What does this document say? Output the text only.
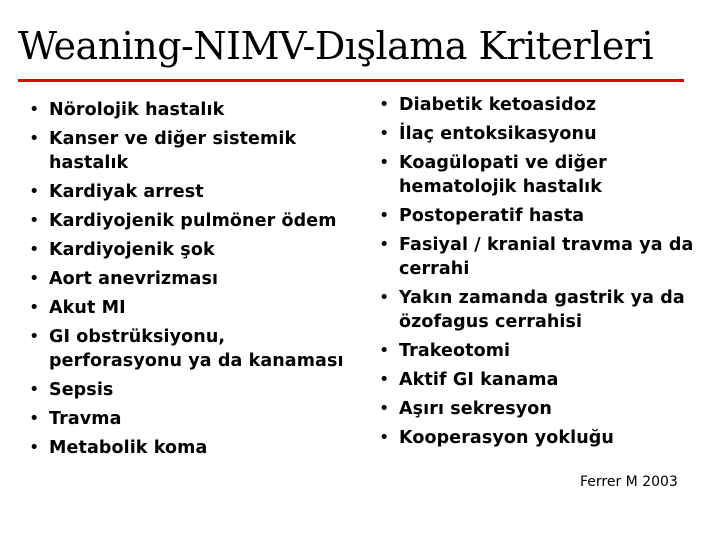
Weaning-NIMV-Dışlama Kriterleri
• Nörolojik hastalık
• Kanser ve diğer sistemik
hastalık
• Kardiyak arrest
• Kardiyojenik pulmöner ödem
• Kardiyojenik şok
• Aort anevrizması
• Akut MI
• GI obstrüksiyonu,
perforasyonu ya da kanaması
• Sepsis
• Travma
• Metabolik koma
• Diabetik ketoasidoz
• İlaç entoksikasyonu
• Koagülopati ve diğer
hematolojik hastalık
• Postoperatif hasta
• Fasiyal / kranial travma ya da
cerrahi
• Yakın zamanda gastrik ya da
özofagus cerrahisi
• Trakeotomi
• Aktif GI kanama
• Aşırı sekresyon
• Kooperasyon yokluğu
Ferrer M 2003
